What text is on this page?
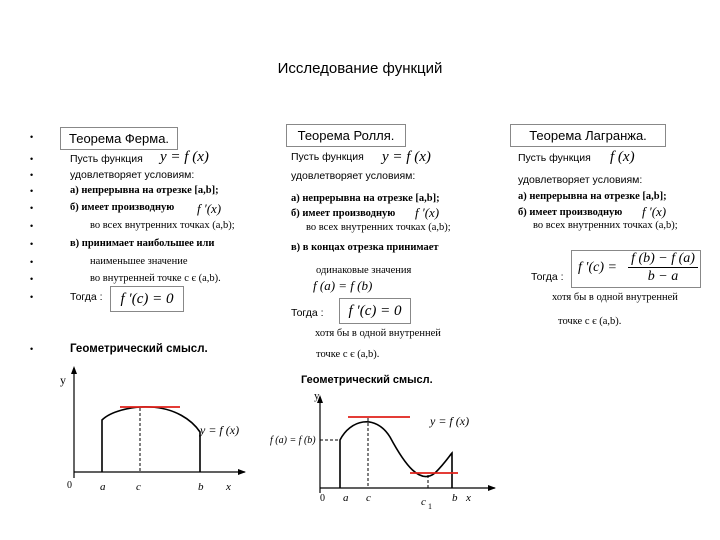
Исследование функций
•
•
•
•
•
•
•
•
•
•
•
Теорема Ферма.
Пусть функция y = f (x)
удовлетворяет условиям:
а) непрерывна на отрезке [a,b];
б) имеет производную f ′(x)
во всех внутренних точках (a,b);
в) принимает наибольшее или
наименьшее значение
во внутренней точке c є (a,b).
Тогда :	f ′(c) = 0
Геометрический смысл.
Теорема Ролля.
Пусть функция y = f (x)
удовлетворяет условиям:
а) непрерывна на отрезке [a,b];
б) имеет производную f ′(x)
во всех внутренних точках (a,b);
в) в концах отрезка принимает
одинаковые значения
f (a) = f (b)
Тогда :	f ′(c) = 0
хотя бы в одной внутренней
точке c є (a,b).
Геометрический смысл.
Теорема Лагранжа.
Пусть функция f (x)
удовлетворяет условиям:
а) непрерывна на отрезке [a,b];
б) имеет производную f ′(x)
во всех внутренних точках (a,b);
Тогда :
f ′(c) =
f (b) − f (a)
b − a
хотя бы в одной внутренней
точке c є (a,b).
y
0	a	c	b x
y = f (x)
y
f (a) = f (b)
0 a c	c 1
b x
y = f (x)
